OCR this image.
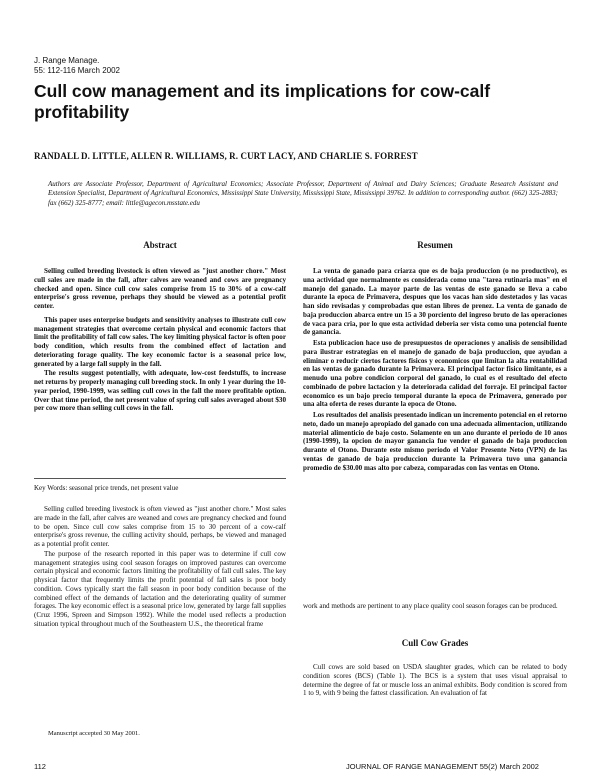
J. Range Manage.
55: 112-116 March 2002
Cull cow management and its implications for cow-calf profitability
RANDALL D. LITTLE, ALLEN R. WILLIAMS, R. CURT LACY, AND CHARLIE S. FORREST
Authors are Associate Professor, Department of Agricultural Economics; Associate Professor, Department of Animal and Dairy Sciences; Graduate Research Assistant and Extension Specialist, Department of Agricultural Economics, Mississippi State University, Mississippi State, Mississippi 39762. In addition to corresponding author. (662) 325-2883; fax (662) 325-8777; email: little@agecon.msstate.edu
Abstract

Selling culled breeding livestock is often viewed as "just another chore." Most cull sales are made in the fall, after calves are weaned and cows are pregnancy checked and open. Since cull cow sales comprise from 15 to 30% of a cow-calf enterprise's gross revenue, perhaps they should be viewed as a potential profit center.

This paper uses enterprise budgets and sensitivity analyses to illustrate cull cow management strategies that overcome certain physical and economic factors that limit the profitability of fall cow sales. The key limiting physical factor is often poor body condition, which results from the combined effect of lactation and deteriorating forage quality. The key economic factor is a seasonal price low, generated by a large fall supply in the fall.

The results suggest potentially, with adequate, low-cost feedstuffs, to increase net returns by properly managing cull breeding stock. In only 1 year during the 10-year period, 1990-1999, was selling cull cows in the fall the more profitable option. Over that time period, the net present value of spring cull sales averaged about $30 per cow more than selling cull cows in the fall.

Key Words: seasonal price trends, net present value

Selling culled breeding livestock is often viewed as "just another chore." Most sales are made in the fall, after calves are weaned and cows are pregnancy checked and found to be open. Since cull cow sales comprise from 15 to 30 percent of a cow-calf enterprise's gross revenue, the culling activity should, perhaps, be viewed and managed as a potential profit center.

The purpose of the research reported in this paper was to determine if cull cow management strategies using cool season forages on improved pastures can overcome certain physical and economic factors limiting the profitability of fall cull sales. The key physical factor that frequently limits the profit potential of fall sales is poor body condition. Cows typically start the fall season in poor body condition because of the combined effect of the demands of lactation and the deteriorating quality of summer forages. The key economic effect is a seasonal price low, generated by large fall supplies (Cruz 1996, Spreen and Simpson 1992). While the model used reflects a production situation typical throughout much of the Southeastern U.S., the theoretical frame

Manuscript accepted 30 May 2001.
Resumen

La venta de ganado para criarza que es de baja produccion (o no productivo), es una actividad que normalmente es considerada como una "tarea rutinaria mas" en el manejo del ganado. La mayor parte de las ventas de este ganado se lleva a cabo durante la epoca de Primavera, despues que los vacas han sido destetados y las vacas han sido revisadas y comprobadas que estan libres de prenez. La venta de ganado de baja produccion abarca entre un 15 a 30 porciento del ingreso bruto de las operaciones de vaca para cria, por lo que esta actividad deberia ser vista como una potencial fuente de ganancia.

Esta publicacion hace uso de presupuestos de operaciones y analisis de sensibilidad para ilustrar estrategias en el manejo de ganado de baja produccion, que ayudan a eliminar o reducir ciertos factores fisicos y economicos que limitan la alta rentabilidad en las ventas de ganado durante la Primavera. El principal factor fisico limitante, es a menudo una pobre condicion corporal del ganado, lo cual es el resultado del efecto combinado de pobre lactacion y la deteriorada calidad del forraje. El principal factor economico es un bajo precio temporal durante la epoca de Primavera, generado por una alta oferta de reses durante la epoca de Otono.

Los resultados del analisis presentado indican un incremento potencial en el retorno neto, dado un manejo apropiado del ganado con una adecuada alimentacion, utilizando material alimenticio de bajo costo. Solamente en un ano durante el periodo de 10 anos (1990-1999), la opcion de mayor ganancia fue vender el ganado de baja produccion durante el Otono. Durante este mismo periodo el Valor Presente Neto (VPN) de las ventas de ganado de baja produccion durante la Primavera tuvo una ganancia promedio de $30.00 mas alto por cabeza, comparadas con las ventas en Otono.

work and methods are pertinent to any place quality cool season forages can be produced.

Cull Cow Grades

Cull cows are sold based on USDA slaughter grades, which can be related to body condition scores (BCS) (Table 1). The BCS is a system that uses visual appraisal to determine the degree of fat or muscle loss an animal exhibits. Body condition is scored from 1 to 9, with 9 being the fattest classification. An evaluation of fat

112	JOURNAL OF RANGE MANAGEMENT 55(2) March 2002
